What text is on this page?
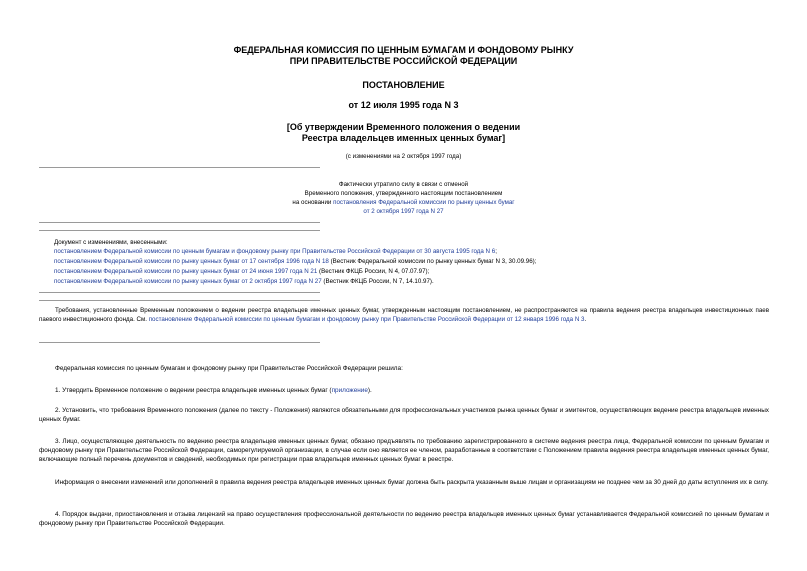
ФЕДЕРАЛЬНАЯ КОМИССИЯ ПО ЦЕННЫМ БУМАГАМ И ФОНДОВОМУ РЫНКУ
ПРИ ПРАВИТЕЛЬСТВЕ РОССИЙСКОЙ ФЕДЕРАЦИИ
ПОСТАНОВЛЕНИЕ
от 12 июля 1995 года N 3
[Об утверждении Временного положения о ведении
Реестра владельцев именных ценных бумаг]
(с изменениями на 2 октября 1997 года)
Фактически утратило силу в связи с отменой
Временного положения, утвержденного настоящим постановлением
на основании постановления Федеральной комиссии по рынку ценных бумаг
от 2 октября 1997 года N 27
Документ с изменениями, внесенными:
постановлением Федеральной комиссии по ценным бумагам и фондовому рынку при Правительстве Российской Федерации от 30 августа 1995 года N 6;
постановлением Федеральной комиссии по рынку ценных бумаг от 17 сентября 1996 года N 18 (Вестник Федеральной комиссии по рынку ценных бумаг N 3, 30.09.96);
постановлением Федеральной комиссии по рынку ценных бумаг от 24 июня 1997 года N 21 (Вестник ФКЦБ России, N 4, 07.07.97);
постановлением Федеральной комиссии по рынку ценных бумаг от 2 октября 1997 года N 27 (Вестник ФКЦБ России, N 7, 14.10.97).
Требования, установленные Временным положением о ведении реестра владельцев именных ценных бумаг, утвержденным настоящим постановлением, не распространяются на правила ведения реестра владельцев инвестиционных паев паевого инвестиционного фонда. См. постановление Федеральной комиссии по ценным бумагам и фондовому рынку при Правительстве Российской Федерации от 12 января 1996 года N 3.
Федеральная комиссия по ценным бумагам и фондовому рынку при Правительстве Российской Федерации решила:
1. Утвердить Временное положение о ведении реестра владельцев именных ценных бумаг (приложение).
2. Установить, что требования Временного положения (далее по тексту - Положения) являются обязательными для профессиональных участников рынка ценных бумаг и эмитентов, осуществляющих ведение реестра владельцев именных ценных бумаг.
3. Лицо, осуществляющее деятельность по ведению реестра владельцев именных ценных бумаг, обязано предъявлять по требованию зарегистрированного в системе ведения реестра лица, Федеральной комиссии по ценным бумагам и фондовому рынку при Правительстве Российской Федерации, саморегулируемой организации, в случае если оно является ее членом, разработанные в соответствии с Положением правила ведения реестра владельцев именных ценных бумаг, включающие полный перечень документов и сведений, необходимых при регистрации прав владельцев именных ценных бумаг в реестре.
Информация о внесении изменений или дополнений в правила ведения реестра владельцев именных ценных бумаг должна быть раскрыта указанным выше лицам и организациям не позднее чем за 30 дней до даты вступления их в силу.
4. Порядок выдачи, приостановления и отзыва лицензий на право осуществления профессиональной деятельности по ведению реестра владельцев именных ценных бумаг устанавливается Федеральной комиссией по ценным бумагам и фондовому рынку при Правительстве Российской Федерации.
